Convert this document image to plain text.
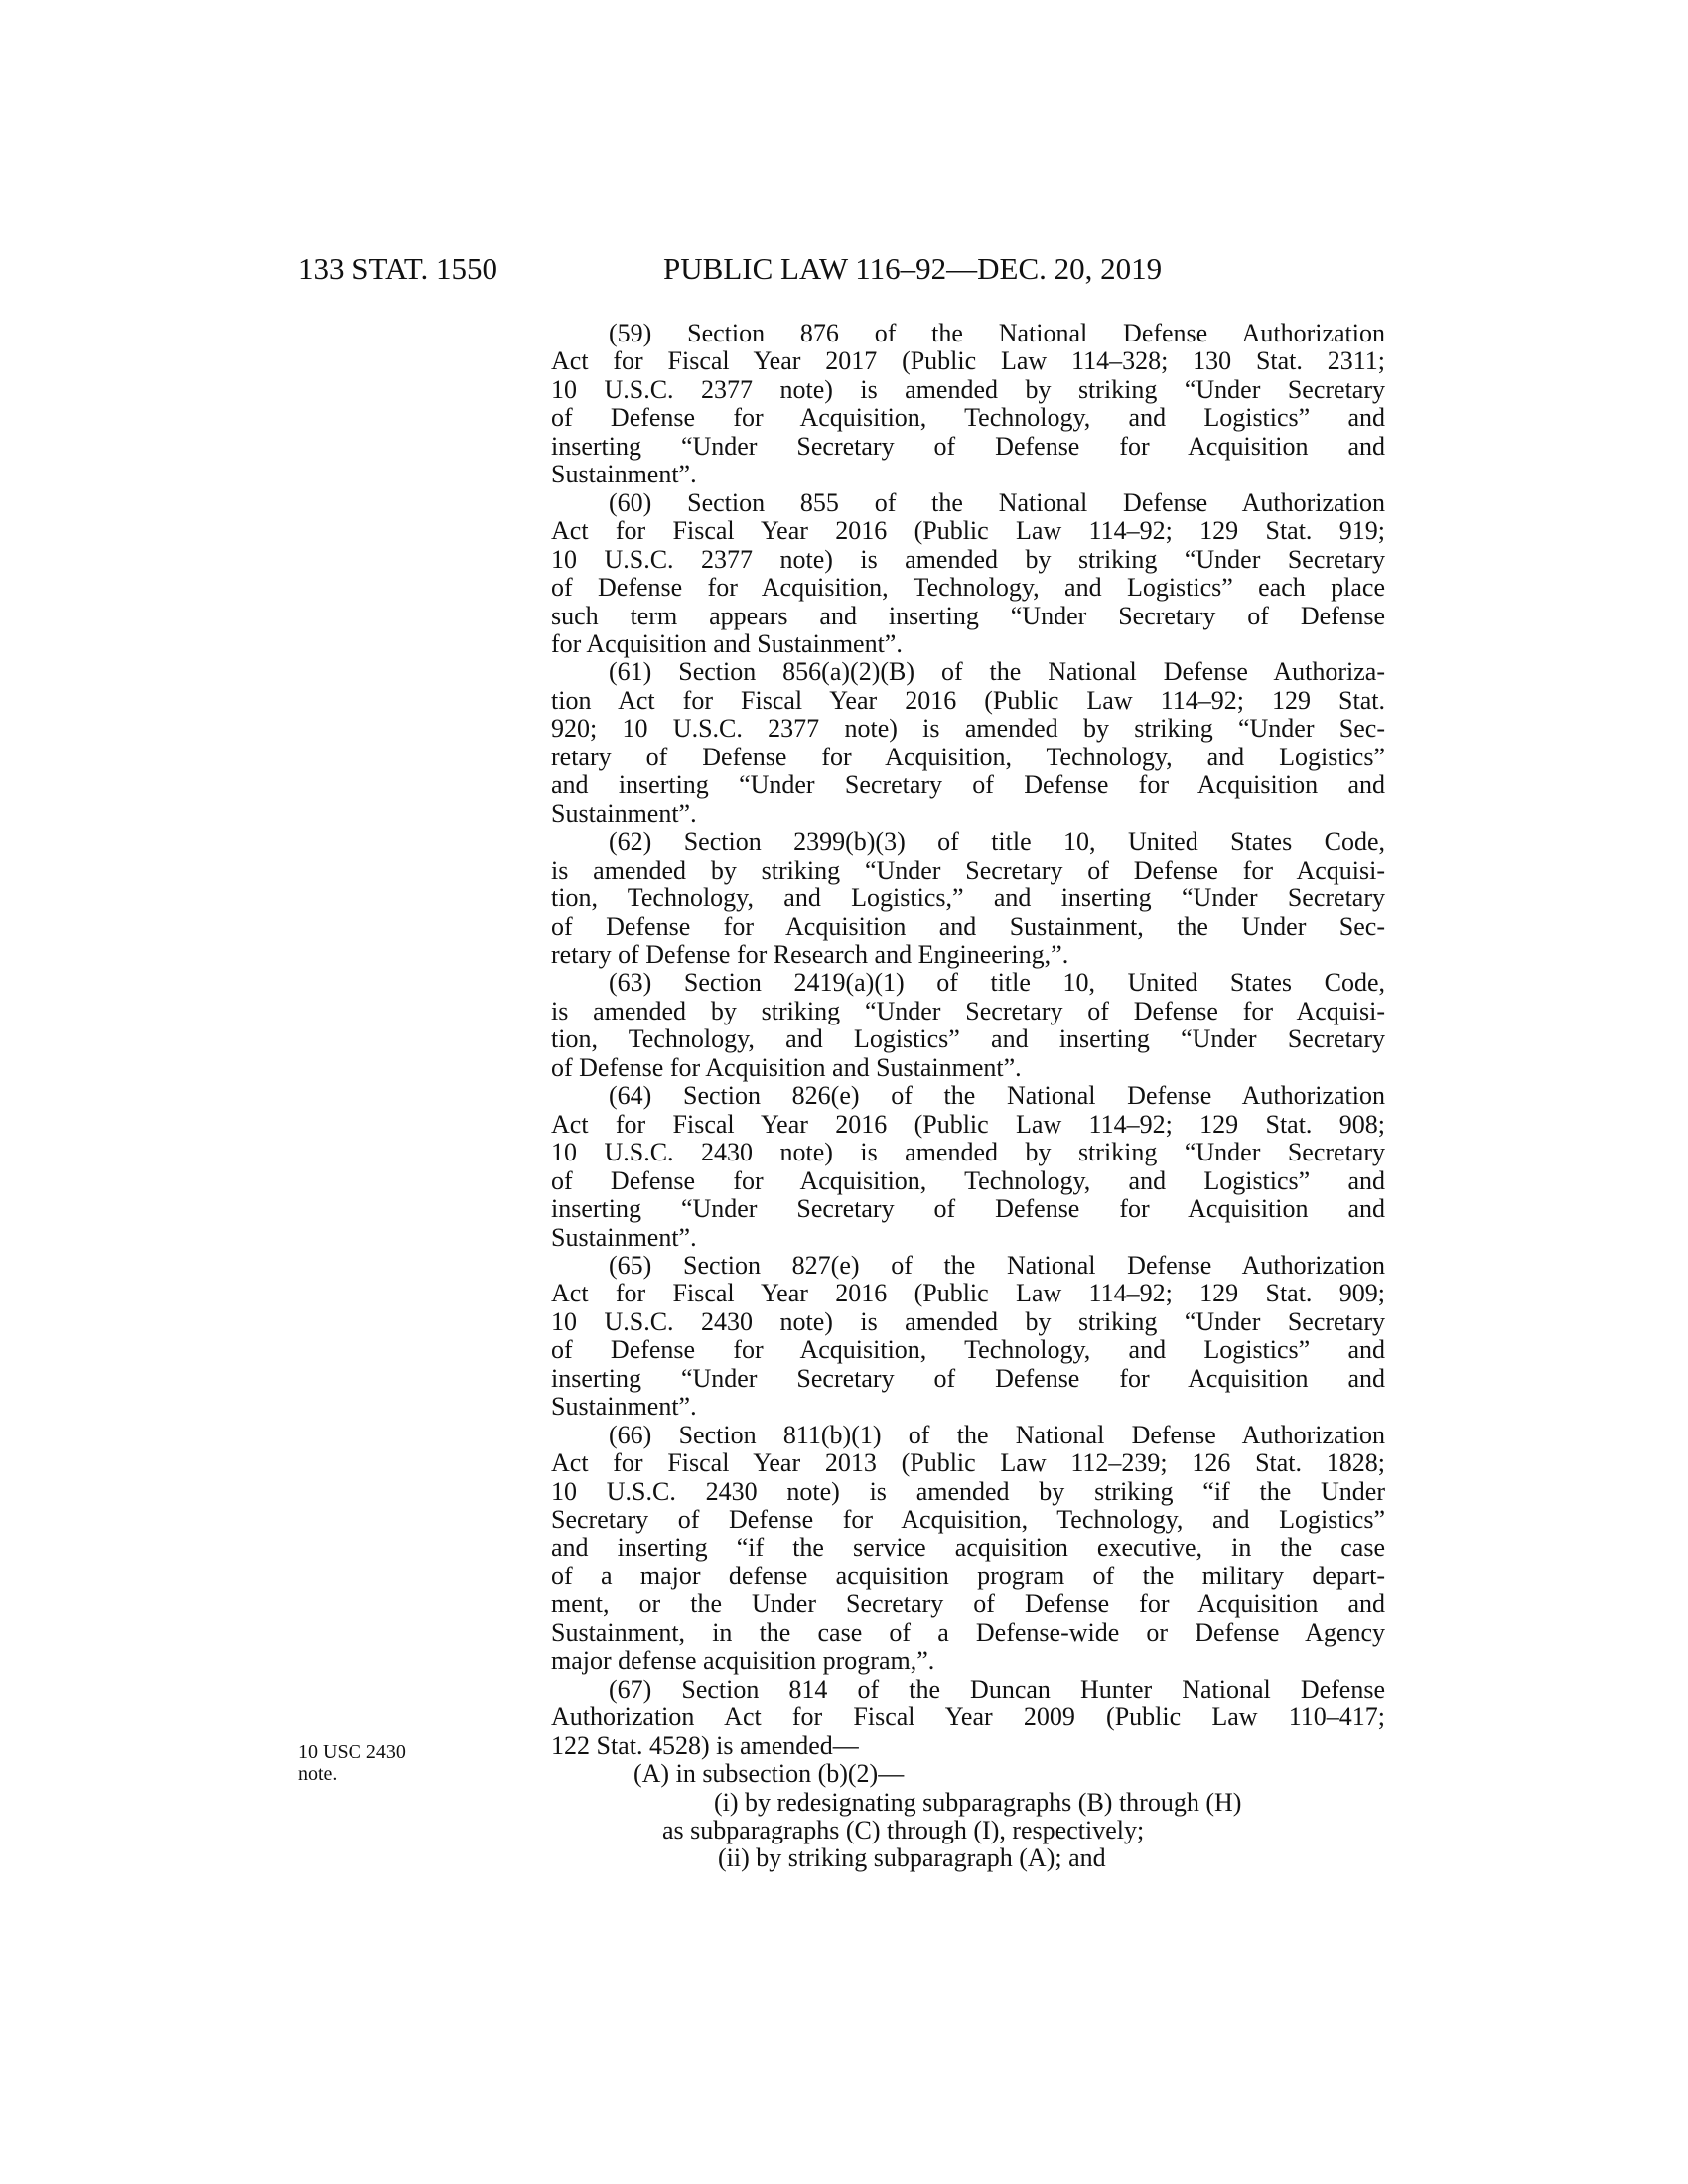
133 STAT. 1550	PUBLIC LAW 116–92—DEC. 20, 2019
10 USC 2430
note.
(59) Section 876 of the National Defense Authorization
Act for Fiscal Year 2017 (Public Law 114–328; 130 Stat. 2311;
10 U.S.C. 2377 note) is amended by striking “Under Secretary
of Defense for Acquisition, Technology, and Logistics” and
inserting “Under Secretary of Defense for Acquisition and
Sustainment”.
(60) Section 855 of the National Defense Authorization
Act for Fiscal Year 2016 (Public Law 114–92; 129 Stat. 919;
10 U.S.C. 2377 note) is amended by striking “Under Secretary
of Defense for Acquisition, Technology, and Logistics” each place
such term appears and inserting “Under Secretary of Defense
for Acquisition and Sustainment”.
(61) Section 856(a)(2)(B) of the National Defense Authoriza-
tion Act for Fiscal Year 2016 (Public Law 114–92; 129 Stat.
920; 10 U.S.C. 2377 note) is amended by striking “Under Sec-
retary of Defense for Acquisition, Technology, and Logistics”
and inserting “Under Secretary of Defense for Acquisition and
Sustainment”.
(62) Section 2399(b)(3) of title 10, United States Code,
is amended by striking “Under Secretary of Defense for Acquisi-
tion, Technology, and Logistics,” and inserting “Under Secretary
of Defense for Acquisition and Sustainment, the Under Sec-
retary of Defense for Research and Engineering,”.
(63) Section 2419(a)(1) of title 10, United States Code,
is amended by striking “Under Secretary of Defense for Acquisi-
tion, Technology, and Logistics” and inserting “Under Secretary
of Defense for Acquisition and Sustainment”.
(64) Section 826(e) of the National Defense Authorization
Act for Fiscal Year 2016 (Public Law 114–92; 129 Stat. 908;
10 U.S.C. 2430 note) is amended by striking “Under Secretary
of Defense for Acquisition, Technology, and Logistics” and
inserting “Under Secretary of Defense for Acquisition and
Sustainment”.
(65) Section 827(e) of the National Defense Authorization
Act for Fiscal Year 2016 (Public Law 114–92; 129 Stat. 909;
10 U.S.C. 2430 note) is amended by striking “Under Secretary
of Defense for Acquisition, Technology, and Logistics” and
inserting “Under Secretary of Defense for Acquisition and
Sustainment”.
(66) Section 811(b)(1) of the National Defense Authorization
Act for Fiscal Year 2013 (Public Law 112–239; 126 Stat. 1828;
10 U.S.C. 2430 note) is amended by striking “if the Under
Secretary of Defense for Acquisition, Technology, and Logistics”
and inserting “if the service acquisition executive, in the case
of a major defense acquisition program of the military depart-
ment, or the Under Secretary of Defense for Acquisition and
Sustainment, in the case of a Defense-wide or Defense Agency
major defense acquisition program,”.
(67) Section 814 of the Duncan Hunter National Defense
Authorization Act for Fiscal Year 2009 (Public Law 110–417;
122 Stat. 4528) is amended—
(A) in subsection (b)(2)—
(i) by redesignating subparagraphs (B) through (H)
as subparagraphs (C) through (I), respectively;
(ii) by striking subparagraph (A); and
